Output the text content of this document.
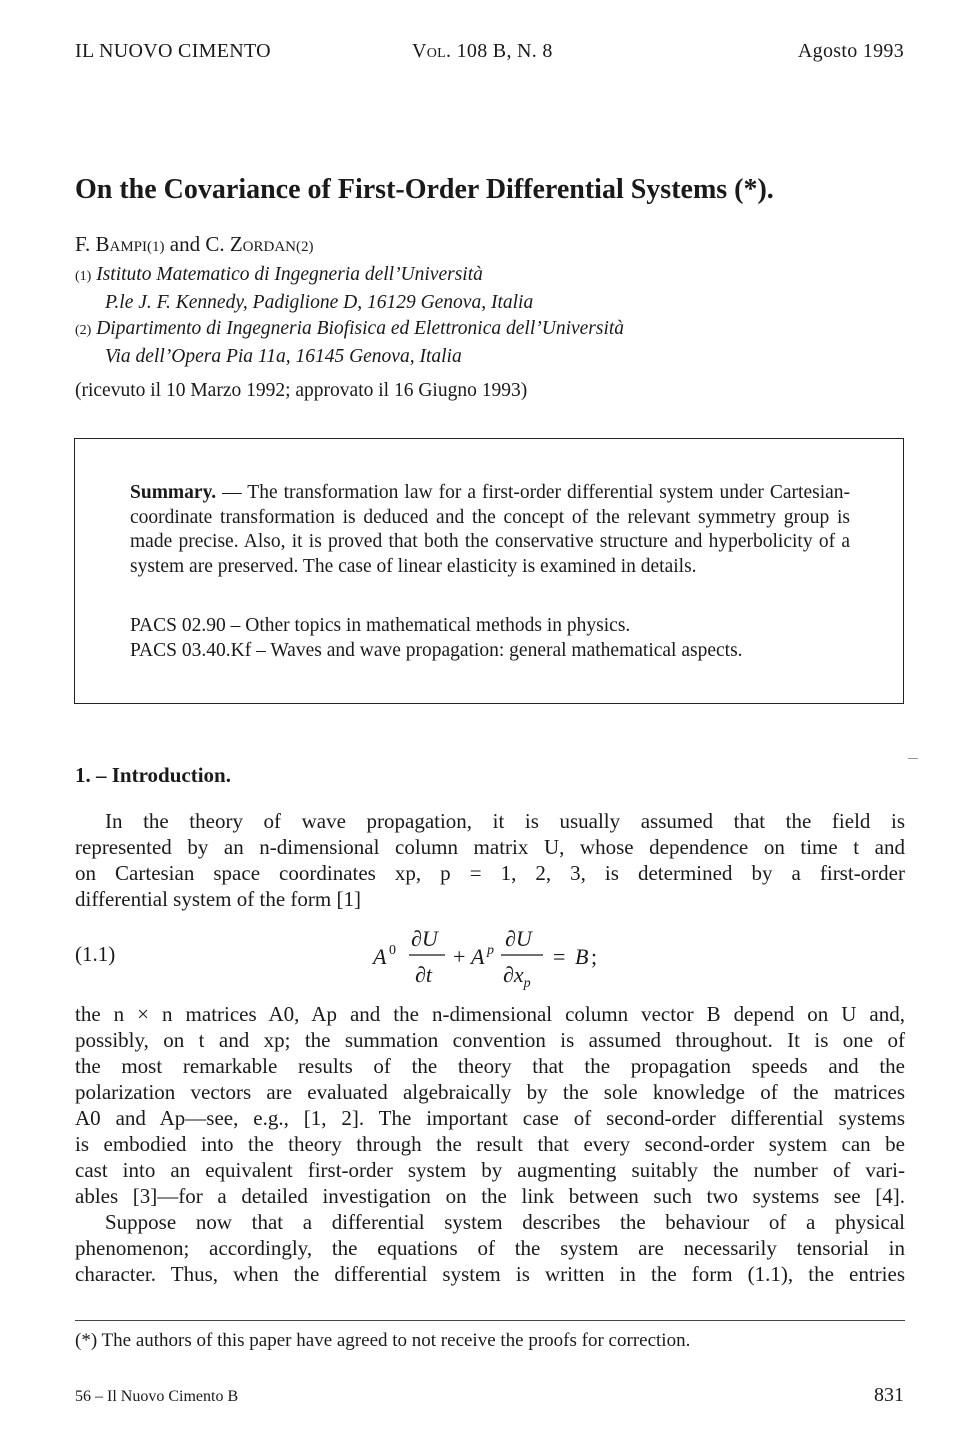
IL NUOVO CIMENTO	Vol. 108 B, N. 8	Agosto 1993
On the Covariance of First-Order Differential Systems (*).
F. Bampi(1) and C. Zordan(2)
(1) Istituto Matematico di Ingegneria dell’Università
P.le J. F. Kennedy, Padiglione D, 16129 Genova, Italia
(2) Dipartimento di Ingegneria Biofisica ed Elettronica dell’Università
Via dell’Opera Pia 11a, 16145 Genova, Italia
(ricevuto il 10 Marzo 1992; approvato il 16 Giugno 1993)
Summary. — The transformation law for a first-order differential system under Cartesian-coordinate transformation is deduced and the concept of the relevant symmetry group is made precise. Also, it is proved that both the conservative structure and hyperbolicity of a system are preserved. The case of linear elasticity is examined in details.
PACS 02.90 – Other topics in mathematical methods in physics.
PACS 03.40.Kf – Waves and wave propagation: general mathematical aspects.
1. – Introduction.
In the theory of wave propagation, it is usually assumed that the field is
represented by an n-dimensional column matrix U, whose dependence on time t and
on Cartesian space coordinates xp, p = 1, 2, 3, is determined by a first-order
differential system of the form [1]
(1.1)	A 0 ∂U
∂t
+ A p ∂U
$\partial x_p$
= B ;
the n × n matrices A0, Ap and the n-dimensional column vector B depend on U and,
possibly, on t and xp; the summation convention is assumed throughout. It is one of
the most remarkable results of the theory that the propagation speeds and the
polarization vectors are evaluated algebraically by the sole knowledge of the matrices
A0 and Ap—see, e.g., [1, 2]. The important case of second-order differential systems
is embodied into the theory through the result that every second-order system can be
cast into an equivalent first-order system by augmenting suitably the number of vari-
ables [3]—for a detailed investigation on the link between such two systems see [4].
Suppose now that a differential system describes the behaviour of a physical
phenomenon; accordingly, the equations of the system are necessarily tensorial in
character. Thus, when the differential system is written in the form (1.1), the entries
(*) The authors of this paper have agreed to not receive the proofs for correction.
56 – Il Nuovo Cimento B	831
